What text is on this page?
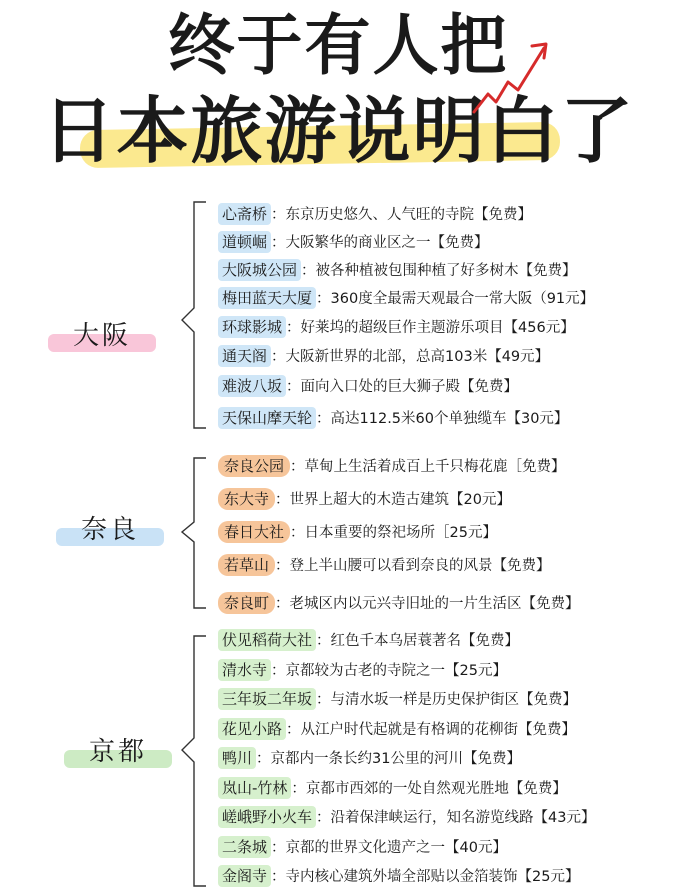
终于有人把
日本旅游说明白了
大阪
奈良
京都
心斋桥 ：东京历史悠久、人气旺的寺院【免费】
道顿崛 ：大阪繁华的商业区之一【免费】
大阪城公园 ：被各种植被包围种植了好多树木【免费】
梅田蓝天大厦 ：360度全最需天观最合一常大阪（91元】
环球影城 ：好莱坞的超级巨作主题游乐项目【456元】
通天阁 ：大阪新世界的北部，总高103米【49元】
难波八坂 ：面向入口处的巨大狮子殿【免费】
天保山摩天轮 ：高达112.5米60个单独缆车【30元】
奈良公园 ：草甸上生活着成百上千只梅花鹿［免费】
东大寺 ：世界上超大的木造古建筑【20元】
春日大社 ：日本重要的祭祀场所［25元】
若草山 ：登上半山腰可以看到奈良的风景【免费】
奈良町 ：老城区内以元兴寺旧址的一片生活区【免费】
伏见稻荷大社 ：红色千本乌居蓑著名【免费】
清水寺 ：京都较为古老的寺院之一【25元】
三年坂二年坂 ：与清水坂一样是历史保护街区【免费】
花见小路 ：从江户时代起就是有格调的花柳街【免费】
鸭川 ：京都内一条长约31公里的河川【免费】
岚山-竹林 ：京都市西郊的一处自然观光胜地【免费】
嵯峨野小火车 ：沿着保津峡运行，知名游览线路【43元】
二条城 ：京都的世界文化遗产之一【40元】
金阁寺 ：寺内核心建筑外墙全部贴以金箔装饰【25元】
